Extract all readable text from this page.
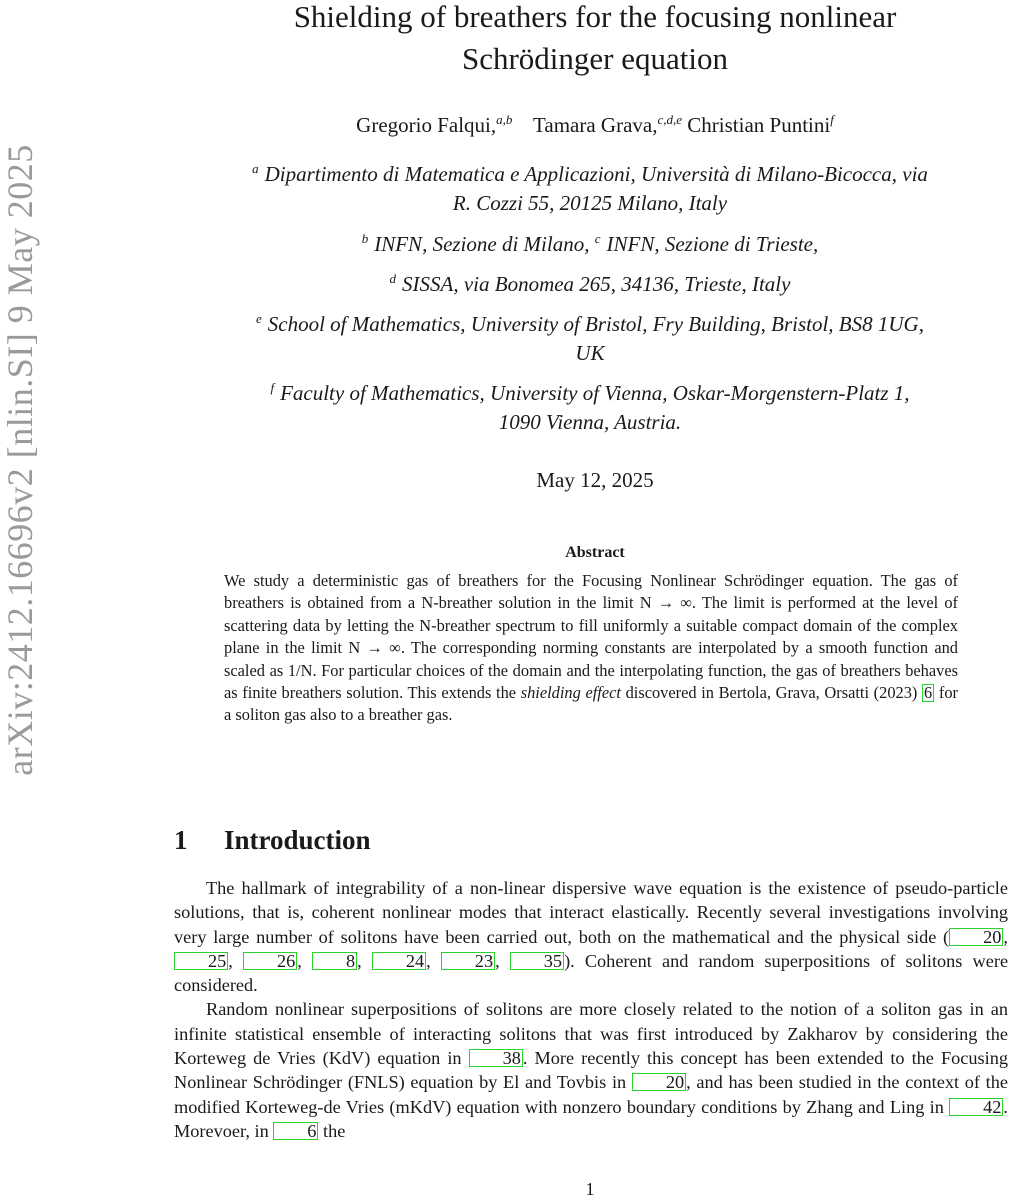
arXiv:2412.16696v2 [nlin.SI] 9 May 2025
Shielding of breathers for the focusing nonlinear
Schrödinger equation
Gregorio Falqui,$^{a,b}$ Tamara Grava,$^{c,d,e}$ Christian Puntini$^f$
$^a$ Dipartimento di Matematica e Applicazioni, Università di Milano-Bicocca, via
R. Cozzi 55, 20125 Milano, Italy
$^b$ INFN, Sezione di Milano, $^c$ INFN, Sezione di Trieste,
$^d$ SISSA, via Bonomea 265, 34136, Trieste, Italy
$^e$ School of Mathematics, University of Bristol, Fry Building, Bristol, BS8 1UG,
UK
$^f$ Faculty of Mathematics, University of Vienna, Oskar-Morgenstern-Platz 1,
1090 Vienna, Austria.
May 12, 2025
Abstract
We study a deterministic gas of breathers for the Focusing Nonlinear Schrödinger equation. The gas of breathers is obtained from a N-breather solution in the limit N → ∞. The limit is performed at the level of scattering data by letting the N-breather spectrum to fill uniformly a suitable compact domain of the complex plane in the limit N → ∞. The corresponding norming constants are interpolated by a smooth function and scaled as 1/N. For particular choices of the domain and the interpolating function, the gas of breathers behaves as finite breathers solution. This extends the shielding effect discovered in Bertola, Grava, Orsatti (2023) 6 for a soliton gas also to a breather gas.
1 Introduction

The hallmark of integrability of a non-linear dispersive wave equation is the existence of pseudo-particle solutions, that is, coherent nonlinear modes that interact elastically. Recently several investigations involving very large number of solitons have been carried out, both on the mathematical and the physical side ( 20 , 25 , 26 , 8 , 24 , 23 , 35 ). Coherent and random superpositions of solitons were considered.

Random nonlinear superpositions of solitons are more closely related to the notion of a soliton gas in an infinite statistical ensemble of interacting solitons that was first introduced by Zakharov by considering the Korteweg de Vries (KdV) equation in 38 . More recently this concept has been extended to the Focusing Nonlinear Schrödinger (FNLS) equation by El and Tovbis in 20 , and has been studied in the context of the modified Korteweg-de Vries (mKdV) equation with nonzero boundary conditions by Zhang and Ling in 42 . Morevoer, in 6 the

1
